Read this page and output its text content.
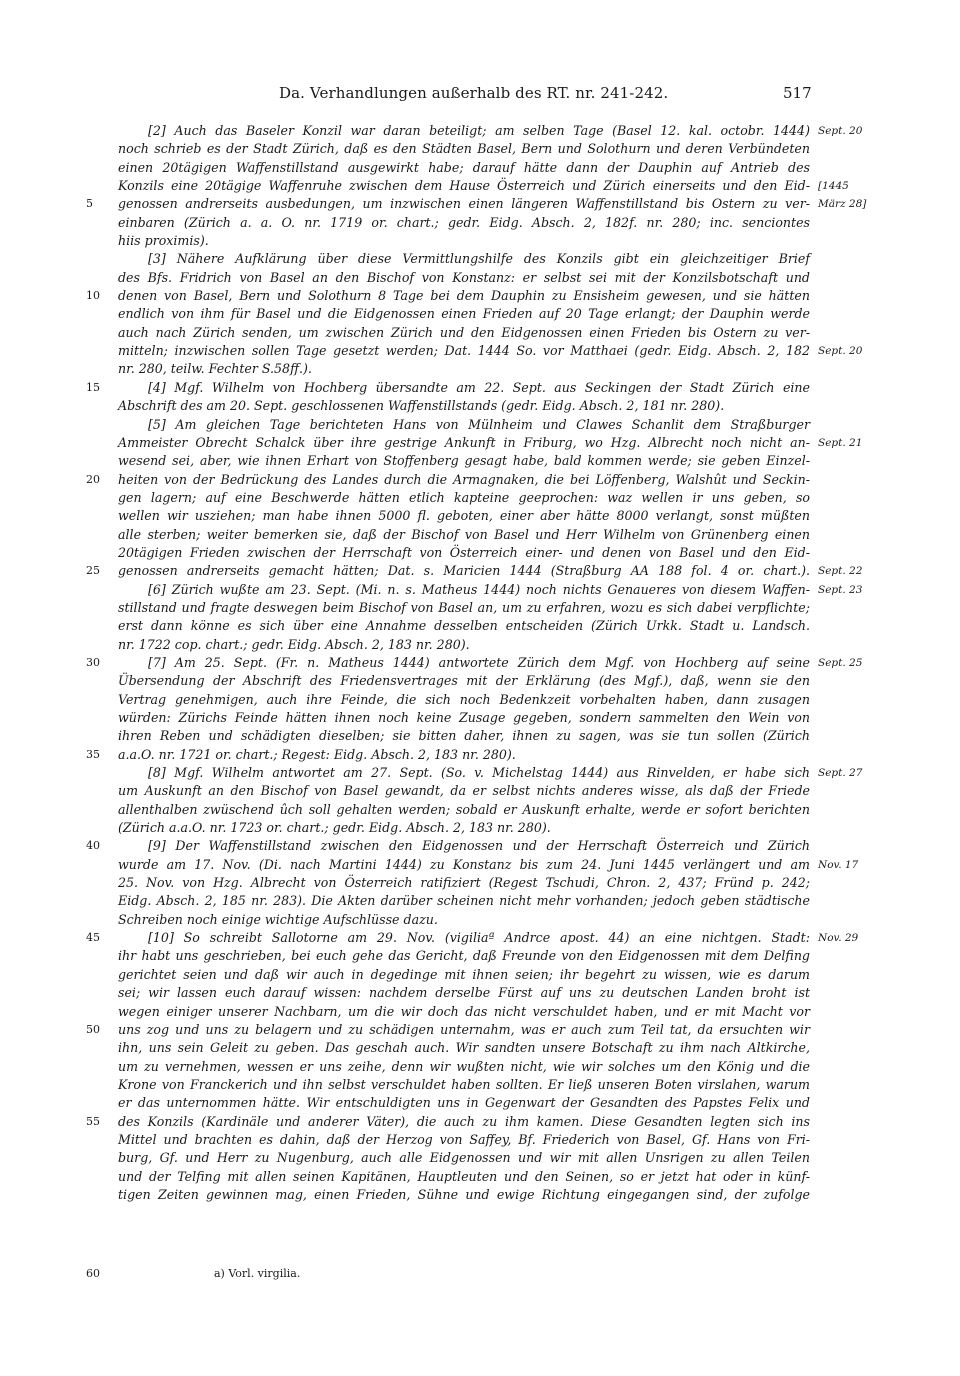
Da. Verhandlungen außerhalb des RT. nr. 241-242.	517
[2] Auch das Baseler Konzil war daran beteiligt; am selben Tage (Basel 12. kal. octobr. 1444) Sept. 20
noch schrieb es der Stadt Zürich, daß es den Städten Basel, Bern und Solothurn und deren Verbündeten
einen 20tägigen Waffenstillstand ausgewirkt habe; darauf hätte dann der Dauphin auf Antrieb des
Konzils eine 20tägige Waffenruhe zwischen dem Hause Österreich und Zürich einerseits und den Eid- [1445
5 genossen andrerseits ausbedungen, um inzwischen einen längeren Waffenstillstand bis Ostern zu ver- März 28]
einbaren (Zürich a. a. O. nr. 1719 or. chart.; gedr. Eidg. Absch. 2, 182f. nr. 280; inc. senciontes
hiis proximis).
[3] Nähere Aufklärung über diese Vermittlungshilfe des Konzils gibt ein gleichzeitiger Brief
des Bfs. Fridrich von Basel an den Bischof von Konstanz: er selbst sei mit der Konzilsbotschaft und
10 denen von Basel, Bern und Solothurn 8 Tage bei dem Dauphin zu Ensisheim gewesen, und sie hätten
endlich von ihm für Basel und die Eidgenossen einen Frieden auf 20 Tage erlangt; der Dauphin werde
auch nach Zürich senden, um zwischen Zürich und den Eidgenossen einen Frieden bis Ostern zu ver-
mitteln; inzwischen sollen Tage gesetzt werden; Dat. 1444 So. vor Matthaei (gedr. Eidg. Absch. 2, 182 Sept. 20
nr. 280, teilw. Fechter S.58ff.).
15	[4] Mgf. Wilhelm von Hochberg übersandte am 22. Sept. aus Seckingen der Stadt Zürich eine
Abschrift des am 20. Sept. geschlossenen Waffenstillstands (gedr. Eidg. Absch. 2, 181 nr. 280).
[5] Am gleichen Tage berichteten Hans von Mülnheim und Clawes Schanlit dem Straßburger
Ammeister Obrecht Schalck über ihre gestrige Ankunft in Friburg, wo Hzg. Albrecht noch nicht an- Sept. 21
wesend sei, aber, wie ihnen Erhart von Stoffenberg gesagt habe, bald kommen werde; sie geben Einzel-
20 heiten von der Bedrückung des Landes durch die Armagnaken, die bei Löffenberg, Walshût und Seckin-
gen lagern; auf eine Beschwerde hätten etlich kapteine geeprochen: waz wellen ir uns geben, so
wellen wir usziehen; man habe ihnen 5000 fl. geboten, einer aber hätte 8000 verlangt, sonst müßten
alle sterben; weiter bemerken sie, daß der Bischof von Basel und Herr Wilhelm von Grünenberg einen
20tägigen Frieden zwischen der Herrschaft von Österreich einer- und denen von Basel und den Eid-
25 genossen andrerseits gemacht hätten; Dat. s. Maricien 1444 (Straßburg AA 188 fol. 4 or. chart.). Sept. 22
[6] Zürich wußte am 23. Sept. (Mi. n. s. Matheus 1444) noch nichts Genaueres von diesem Waffen- Sept. 23
stillstand und fragte deswegen beim Bischof von Basel an, um zu erfahren, wozu es sich dabei verpflichte;
erst dann könne es sich über eine Annahme desselben entscheiden (Zürich Urkk. Stadt u. Landsch.
nr. 1722 cop. chart.; gedr. Eidg. Absch. 2, 183 nr. 280).
30	[7] Am 25. Sept. (Fr. n. Matheus 1444) antwortete Zürich dem Mgf. von Hochberg auf seine Sept. 25
Übersendung der Abschrift des Friedensvertrages mit der Erklärung (des Mgf.), daß, wenn sie den
Vertrag genehmigen, auch ihre Feinde, die sich noch Bedenkzeit vorbehalten haben, dann zusagen
würden: Zürichs Feinde hätten ihnen noch keine Zusage gegeben, sondern sammelten den Wein von
ihren Reben und schädigten dieselben; sie bitten daher, ihnen zu sagen, was sie tun sollen (Zürich
35 a.a.O. nr. 1721 or. chart.; Regest: Eidg. Absch. 2, 183 nr. 280).
[8] Mgf. Wilhelm antwortet am 27. Sept. (So. v. Michelstag 1444) aus Rinvelden, er habe sich Sept. 27
um Auskunft an den Bischof von Basel gewandt, da er selbst nichts anderes wisse, als daß der Friede
allenthalben zwüschend ûch soll gehalten werden; sobald er Auskunft erhalte, werde er sofort berichten
(Zürich a.a.O. nr. 1723 or. chart.; gedr. Eidg. Absch. 2, 183 nr. 280).
40	[9] Der Waffenstillstand zwischen den Eidgenossen und der Herrschaft Österreich und Zürich
wurde am 17. Nov. (Di. nach Martini 1444) zu Konstanz bis zum 24. Juni 1445 verlängert und am Nov. 17
25. Nov. von Hzg. Albrecht von Österreich ratifiziert (Regest Tschudi, Chron. 2, 437; Fründ p. 242;
Eidg. Absch. 2, 185 nr. 283). Die Akten darüber scheinen nicht mehr vorhanden; jedoch geben städtische
Schreiben noch einige wichtige Aufschlüsse dazu.
45	[10] So schreibt Sallotorne am 29. Nov. (vigiliaª Andrce apost. 44) an eine nichtgen. Stadt: Nov. 29
ihr habt uns geschrieben, bei euch gehe das Gericht, daß Freunde von den Eidgenossen mit dem Delfing
gerichtet seien und daß wir auch in degedinge mit ihnen seien; ihr begehrt zu wissen, wie es darum
sei; wir lassen euch darauf wissen: nachdem derselbe Fürst auf uns zu deutschen Landen broht ist
wegen einiger unserer Nachbarn, um die wir doch das nicht verschuldet haben, und er mit Macht vor
50 uns zog und uns zu belagern und zu schädigen unternahm, was er auch zum Teil tat, da ersuchten wir
ihn, uns sein Geleit zu geben. Das geschah auch. Wir sandten unsere Botschaft zu ihm nach Altkirche,
um zu vernehmen, wessen er uns zeihe, denn wir wußten nicht, wie wir solches um den König und die
Krone von Franckerich und ihn selbst verschuldet haben sollten. Er ließ unseren Boten virslahen, warum
er das unternommen hätte. Wir entschuldigten uns in Gegenwart der Gesandten des Papstes Felix und
55 des Konzils (Kardinäle und anderer Väter), die auch zu ihm kamen. Diese Gesandten legten sich ins
Mittel und brachten es dahin, daß der Herzog von Saffey, Bf. Friederich von Basel, Gf. Hans von Fri-
burg, Gf. und Herr zu Nugenburg, auch alle Eidgenossen und wir mit allen Unsrigen zu allen Teilen
und der Telfing mit allen seinen Kapitänen, Hauptleuten und den Seinen, so er jetzt hat oder in künf-
tigen Zeiten gewinnen mag, einen Frieden, Sühne und ewige Richtung eingegangen sind, der zufolge
60	a) Vorl. virgilia.
